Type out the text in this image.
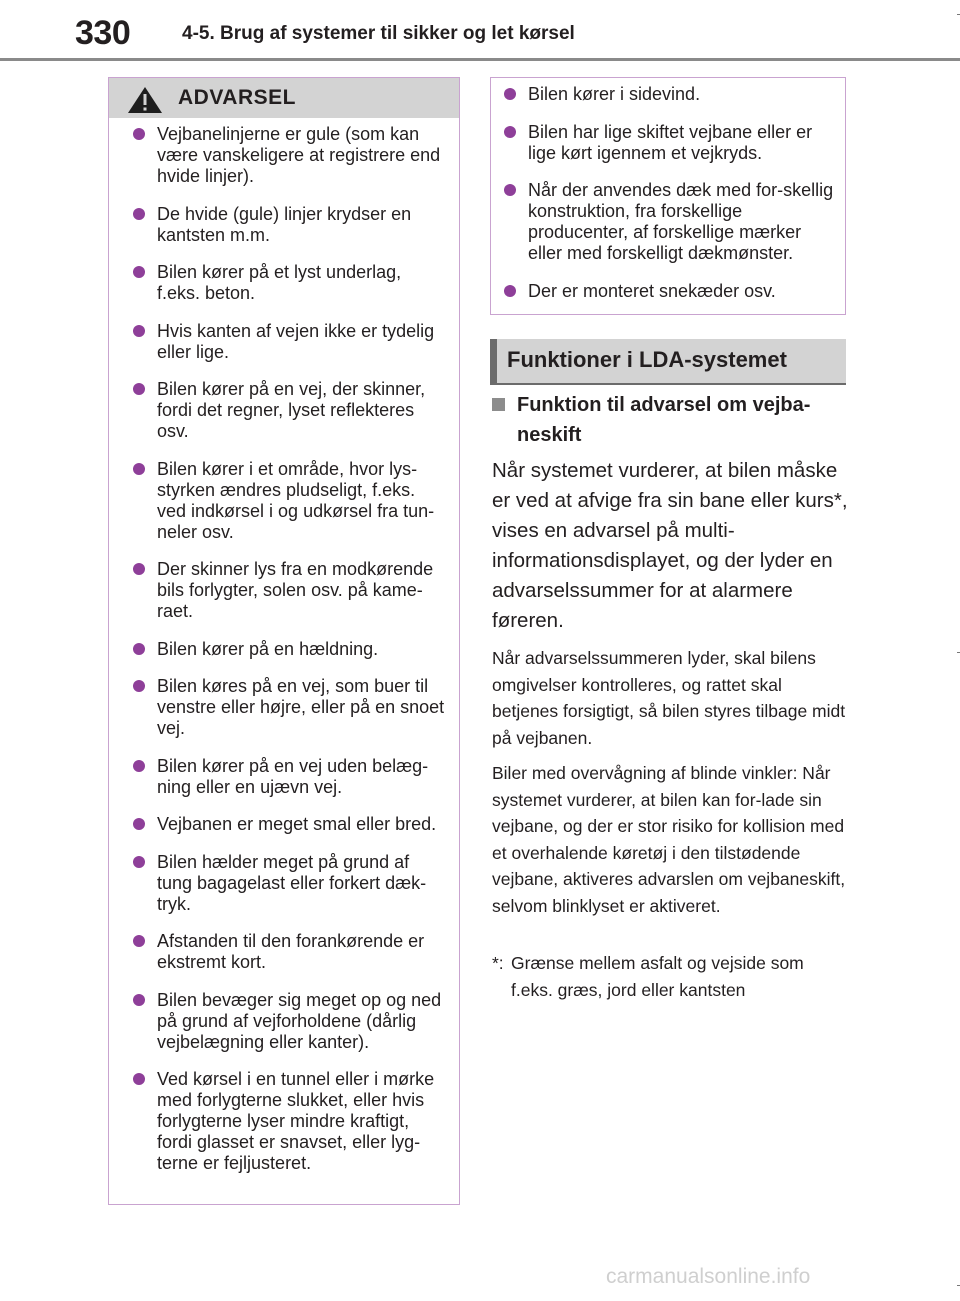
330	4-5. Brug af systemer til sikker og let kørsel
ADVARSEL
Vejbanelinjerne er gule (som kan være vanskeligere at registrere end hvide linjer).
De hvide (gule) linjer krydser en kantsten m.m.
Bilen kører på et lyst underlag, f.eks. beton.
Hvis kanten af vejen ikke er tydelig eller lige.
Bilen kører på en vej, der skinner, fordi det regner, lyset reflekteres osv.
Bilen kører i et område, hvor lys-styrken ændres pludseligt, f.eks. ved indkørsel i og udkørsel fra tun-neler osv.
Der skinner lys fra en modkørende bils forlygter, solen osv. på kame-raet.
Bilen kører på en hældning.
Bilen køres på en vej, som buer til venstre eller højre, eller på en snoet vej.
Bilen kører på en vej uden belæg-ning eller en ujævn vej.
Vejbanen er meget smal eller bred.
Bilen hælder meget på grund af tung bagagelast eller forkert dæk-tryk.
Afstanden til den forankørende er ekstremt kort.
Bilen bevæger sig meget op og ned på grund af vejforholdene (dårlig vejbelægning eller kanter).
Ved kørsel i en tunnel eller i mørke med forlygterne slukket, eller hvis forlygterne lyser mindre kraftigt, fordi glasset er snavset, eller lyg-terne er fejljusteret.
Bilen kører i sidevind.
Bilen har lige skiftet vejbane eller er lige kørt igennem et vejkryds.
Når der anvendes dæk med for-skellig konstruktion, fra forskellige producenter, af forskellige mærker eller med forskelligt dækmønster.
Der er monteret snekæder osv.
Funktioner i LDA-systemet
Funktion til advarsel om vejba-neskift
Når systemet vurderer, at bilen måske er ved at afvige fra sin bane eller kurs*, vises en advarsel på multi-informationsdisplayet, og der lyder en advarselssummer for at alarmere føreren.
Når advarselssummeren lyder, skal bilens omgivelser kontrolleres, og rattet skal betjenes forsigtigt, så bilen styres tilbage midt på vejbanen.
Biler med overvågning af blinde vinkler: Når systemet vurderer, at bilen kan for-lade sin vejbane, og der er stor risiko for kollision med et overhalende køretøj i den tilstødende vejbane, aktiveres advarslen om vejbaneskift, selvom blinklyset er aktiveret.
*: Grænse mellem asfalt og vejside som f.eks. græs, jord eller kantsten
carmanualsonline.info
